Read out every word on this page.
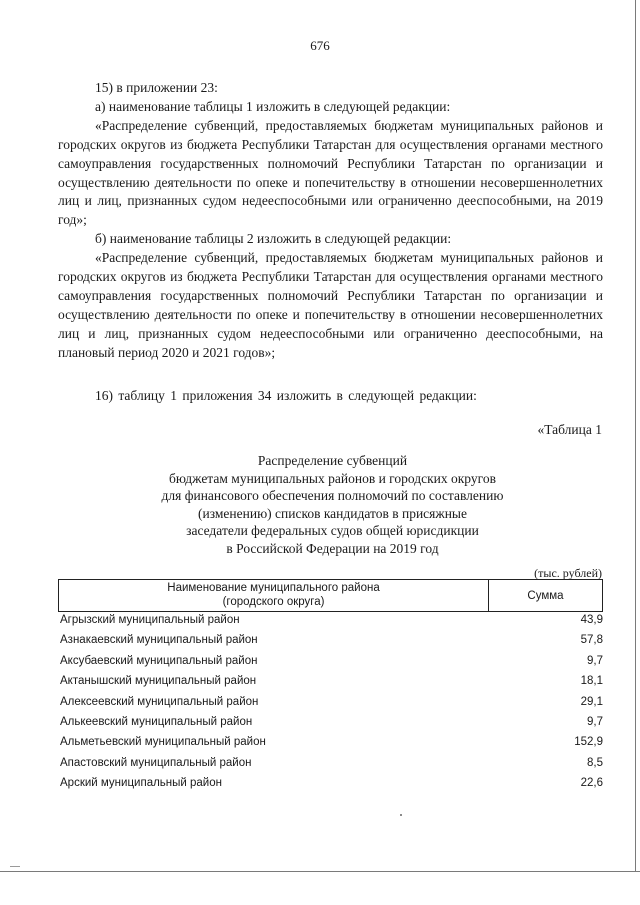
676

15) в приложении 23:

а) наименование таблицы 1 изложить в следующей редакции:

«Распределение субвенций, предоставляемых бюджетам муниципальных районов и городских округов из бюджета Республики Татарстан для осуществления органами местного самоуправления государственных полномочий Республики Татарстан по организации и осуществлению деятельности по опеке и попечительству в отношении несовершеннолетних лиц и лиц, признанных судом недееспособными или ограниченно дееспособными, на 2019 год»;

б) наименование таблицы 2 изложить в следующей редакции:

«Распределение субвенций, предоставляемых бюджетам муниципальных районов и городских округов из бюджета Республики Татарстан для осуществления органами местного самоуправления государственных полномочий Республики Татарстан по организации и осуществлению деятельности по опеке и попечительству в отношении несовершеннолетних лиц и лиц, признанных судом недееспособными или ограниченно дееспособными, на плановый период 2020 и 2021 годов»;

16) таблицу 1 приложения 34 изложить в следующей редакции:
«Таблица 1
Распределение субвенций
бюджетам муниципальных районов и городских округов
для финансового обеспечения полномочий по составлению
(изменению) списков кандидатов в присяжные
заседатели федеральных судов общей юрисдикции
в Российской Федерации на 2019 год
(тыс. рублей)
Наименование муниципального района
(городского округа)	Сумма
Агрызский муниципальный район	43,9
Азнакаевский муниципальный район	57,8
Аксубаевский муниципальный район	9,7
Актанышский муниципальный район	18,1
Алексеевский муниципальный район	29,1
Алькеевский муниципальный район	9,7
Альметьевский муниципальный район	152,9
Апастовский муниципальный район	8,5
Арский муниципальный район	22,6
